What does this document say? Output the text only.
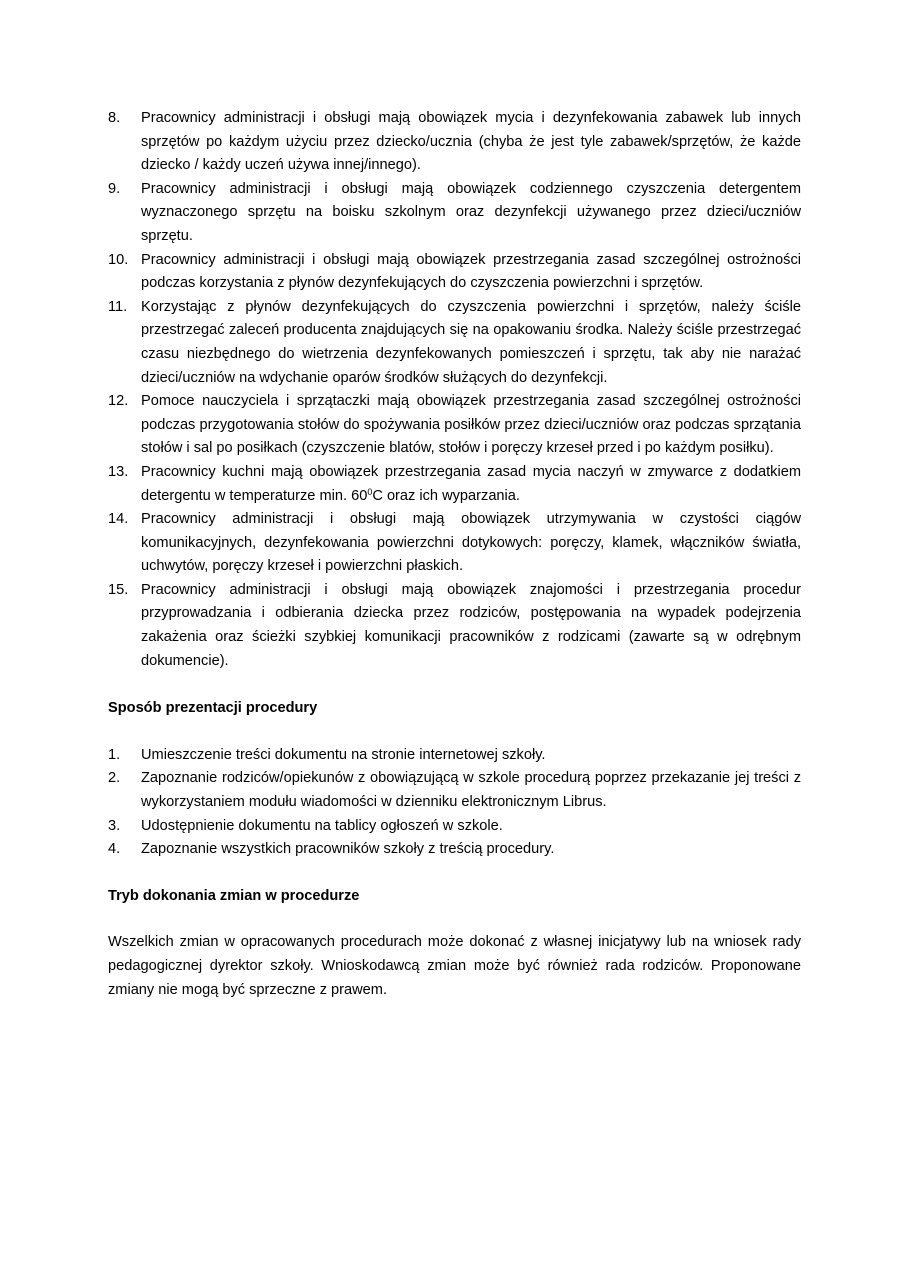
8.	Pracownicy administracji i obsługi mają obowiązek mycia i dezynfekowania zabawek lub innych sprzętów po każdym użyciu przez dziecko/ucznia (chyba że jest tyle zabawek/sprzętów, że każde dziecko / każdy uczeń używa innej/innego).
9.	Pracownicy administracji i obsługi mają obowiązek codziennego czyszczenia detergentem wyznaczonego sprzętu na boisku szkolnym oraz dezynfekcji używanego przez dzieci/uczniów sprzętu.
10. Pracownicy administracji i obsługi mają obowiązek przestrzegania zasad szczególnej ostrożności podczas korzystania z płynów dezynfekujących do czyszczenia powierzchni i sprzętów.
11. Korzystając z płynów dezynfekujących do czyszczenia powierzchni i sprzętów, należy ściśle przestrzegać zaleceń producenta znajdujących się na opakowaniu środka. Należy ściśle przestrzegać czasu niezbędnego do wietrzenia dezynfekowanych pomieszczeń i sprzętu, tak aby nie narażać dzieci/uczniów na wdychanie oparów środków służących do dezynfekcji.
12. Pomoce nauczyciela i sprzątaczki mają obowiązek przestrzegania zasad szczególnej ostrożności podczas przygotowania stołów do spożywania posiłków przez dzieci/uczniów oraz podczas sprzątania stołów i sal po posiłkach (czyszczenie blatów, stołów i poręczy krzeseł przed i po każdym posiłku).
13. Pracownicy kuchni mają obowiązek przestrzegania zasad mycia naczyń w zmywarce z dodatkiem detergentu w temperaturze min. $60^0C$ oraz ich wyparzania.
14. Pracownicy administracji i obsługi mają obowiązek utrzymywania w czystości ciągów komunikacyjnych, dezynfekowania powierzchni dotykowych: poręczy, klamek, włączników światła, uchwytów, poręczy krzeseł i powierzchni płaskich.
15. Pracownicy administracji i obsługi mają obowiązek znajomości i przestrzegania procedur przyprowadzania i odbierania dziecka przez rodziców, postępowania na wypadek podejrzenia zakażenia oraz ścieżki szybkiej komunikacji pracowników z rodzicami (zawarte są w odrębnym dokumencie).

Sposób prezentacji procedury

1.	Umieszczenie treści dokumentu na stronie internetowej szkoły.
2.	Zapoznanie rodziców/opiekunów z obowiązującą w szkole procedurą poprzez przekazanie jej treści z wykorzystaniem modułu wiadomości w dzienniku elektronicznym Librus.
3.	Udostępnienie dokumentu na tablicy ogłoszeń w szkole.
4.	Zapoznanie wszystkich pracowników szkoły z treścią procedury.

Tryb dokonania zmian w procedurze

Wszelkich zmian w opracowanych procedurach może dokonać z własnej inicjatywy lub na wniosek rady pedagogicznej dyrektor szkoły. Wnioskodawcą zmian może być również rada rodziców. Proponowane zmiany nie mogą być sprzeczne z prawem.
